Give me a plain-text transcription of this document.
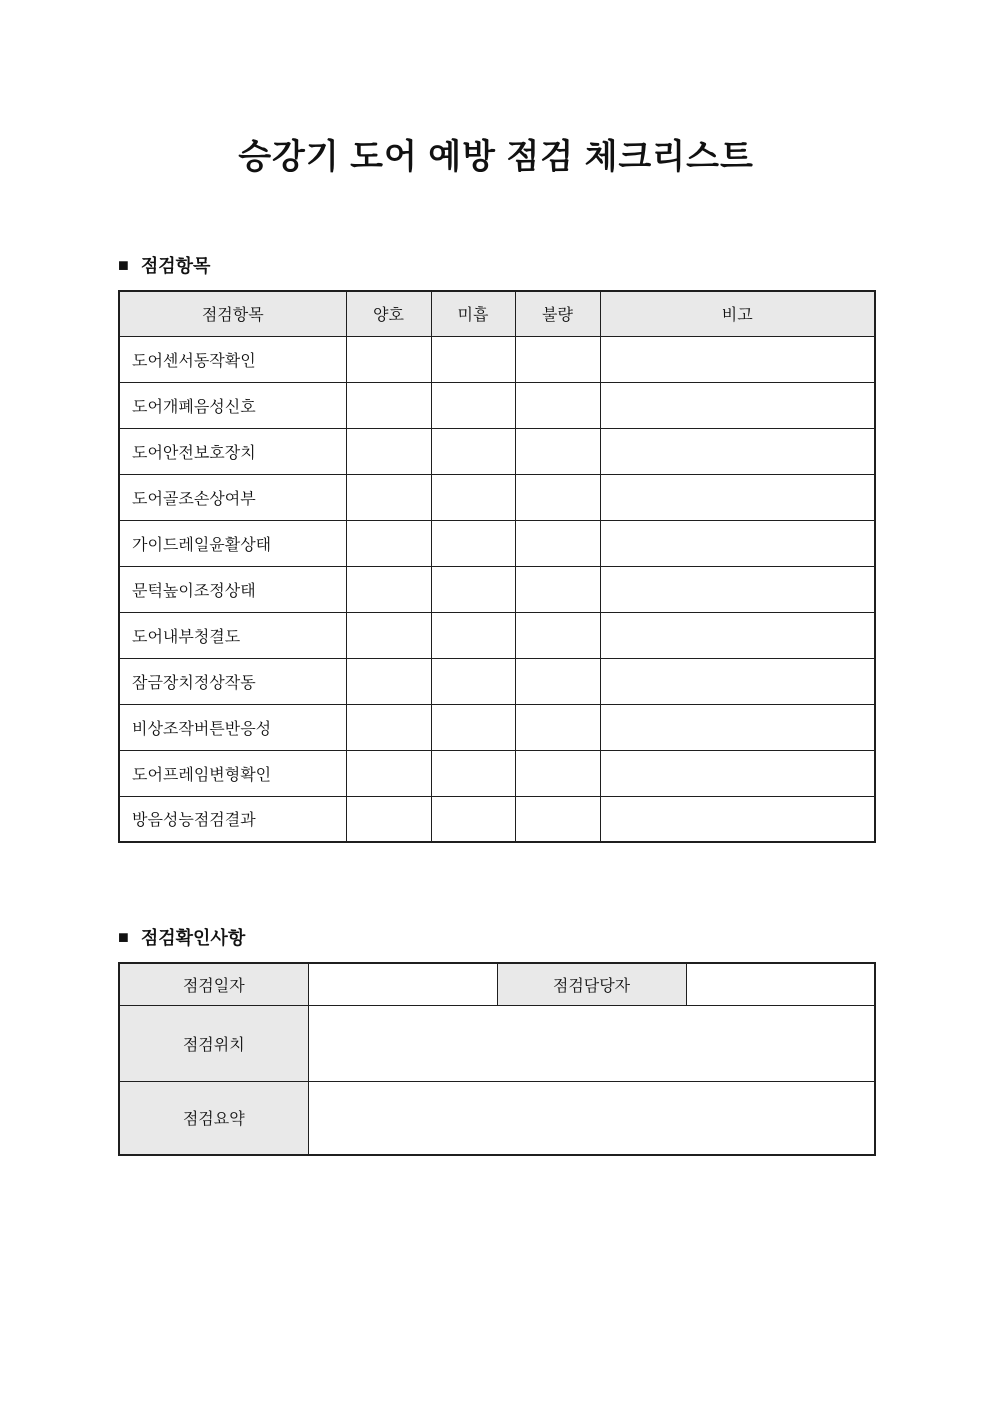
승강기 도어 예방 점검 체크리스트
■ 점검항목
점검항목	양호	미흡	불량	비고
도어센서동작확인				
도어개폐음성신호				
도어안전보호장치				
도어골조손상여부				
가이드레일윤활상태				
문턱높이조정상태				
도어내부청결도				
잠금장치정상작동				
비상조작버튼반응성				
도어프레임변형확인				
방음성능점검결과				
■ 점검확인사항
점검일자		점검담당자	
점검위치			
점검요약			
